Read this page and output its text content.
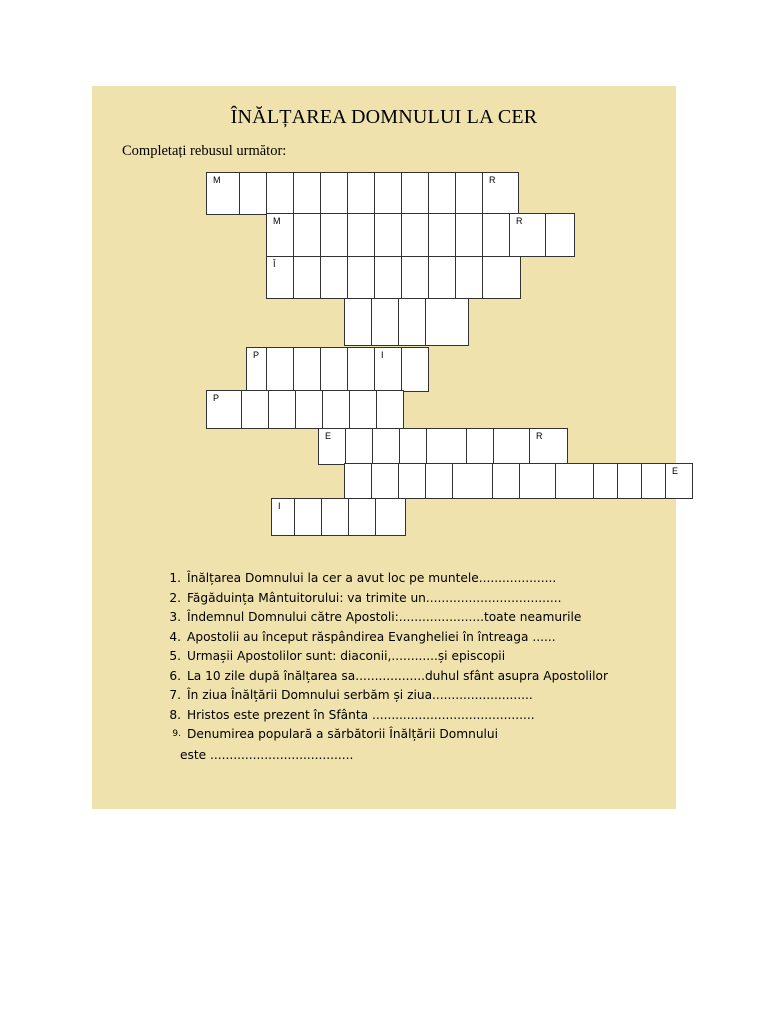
ÎNĂLȚAREA DOMNULUI LA CER
Completați rebusul următor:
M	R
M	R
Î
P	I
P
E	R
E
I
1. Înălțarea Domnului la cer a avut loc pe muntele....................
2. Făgăduința Mântuitorului: va trimite un...................................
3. Îndemnul Domnului către Apostoli:......................toate neamurile
4. Apostolii au început răspândirea Evangheliei în întreaga ......
5. Urmașii Apostolilor sunt: diaconii,............și episcopii
6. La 10 zile după înălțarea sa..................duhul sfânt asupra Apostolilor
7. În ziua Înălțării Domnului serbăm și ziua..........................
8. Hristos este prezent în Sfânta ..........................................
9. Denumirea populară a sărbătorii Înălțării Domnului
este .....................................
